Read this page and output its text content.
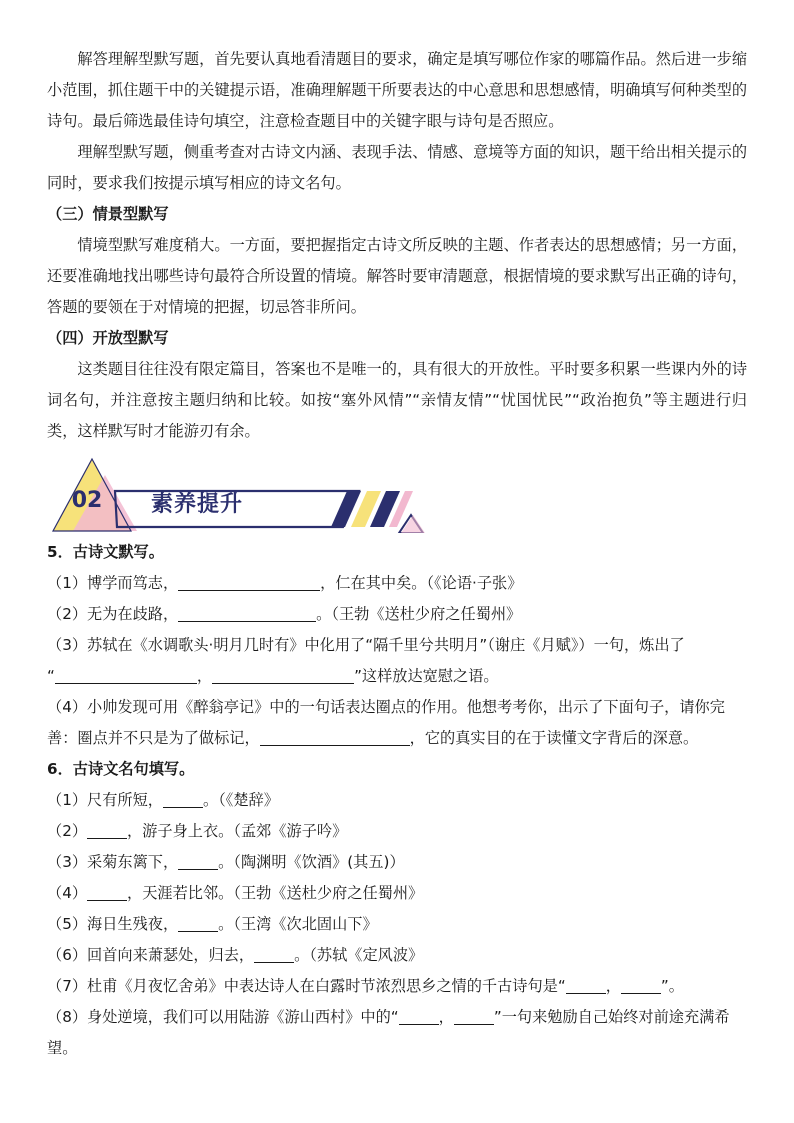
解答理解型默写题，首先要认真地看清题目的要求，确定是填写哪位作家的哪篇作品。然后进一步缩小范围，抓住题干中的关键提示语，准确理解题干所要表达的中心意思和思想感情，明确填写何种类型的诗句。最后筛选最佳诗句填空，注意检查题目中的关键字眼与诗句是否照应。

理解型默写题，侧重考查对古诗文内涵、表现手法、情感、意境等方面的知识，题干给出相关提示的同时，要求我们按提示填写相应的诗文名句。

（三）情景型默写

情境型默写难度稍大。一方面，要把握指定古诗文所反映的主题、作者表达的思想感情；另一方面，还要准确地找出哪些诗句最符合所设置的情境。解答时要审清题意，根据情境的要求默写出正确的诗句，答题的要领在于对情境的把握，切忌答非所问。

（四）开放型默写

这类题目往往没有限定篇目，答案也不是唯一的，具有很大的开放性。平时要多积累一些课内外的诗词名句，并注意按主题归纳和比较。如按“塞外风情”“亲情友情”“忧国忧民”“政治抱负”等主题进行归类，这样默写时才能游刃有余。

02	素养提升

5．古诗文默写。

（1）博学而笃志，	，仁在其中矣。（《论语·子张》

（2）无为在歧路，	。（王勃《送杜少府之任蜀州》

（3）苏轼在《水调歌头·明月几时有》中化用了“隔千里兮共明月”（谢庄《月赋》）一句，炼出了
“	，	”这样放达宽慰之语。

（4）小帅发现可用《醉翁亭记》中的一句话表达圈点的作用。他想考考你，出示了下面句子，请你完善：圈点并不只是为了做标记，	，它的真实目的在于读懂文字背后的深意。

6．古诗文名句填写。

（1）尺有所短，	。（《楚辞》

（2）	，游子身上衣。（孟郊《游子吟》

（3）采菊东篱下，	。（陶渊明《饮酒》(其五)）

（4）	，天涯若比邻。（王勃《送杜少府之任蜀州》

（5）海日生残夜，	。（王湾《次北固山下》

（6）回首向来萧瑟处，归去，	。（苏轼《定风波》

（7）杜甫《月夜忆舍弟》中表达诗人在白露时节浓烈思乡之情的千古诗句是“	，	”。

（8）身处逆境，我们可以用陆游《游山西村》中的“	，	”一句来勉励自己始终对前途充满希望。
